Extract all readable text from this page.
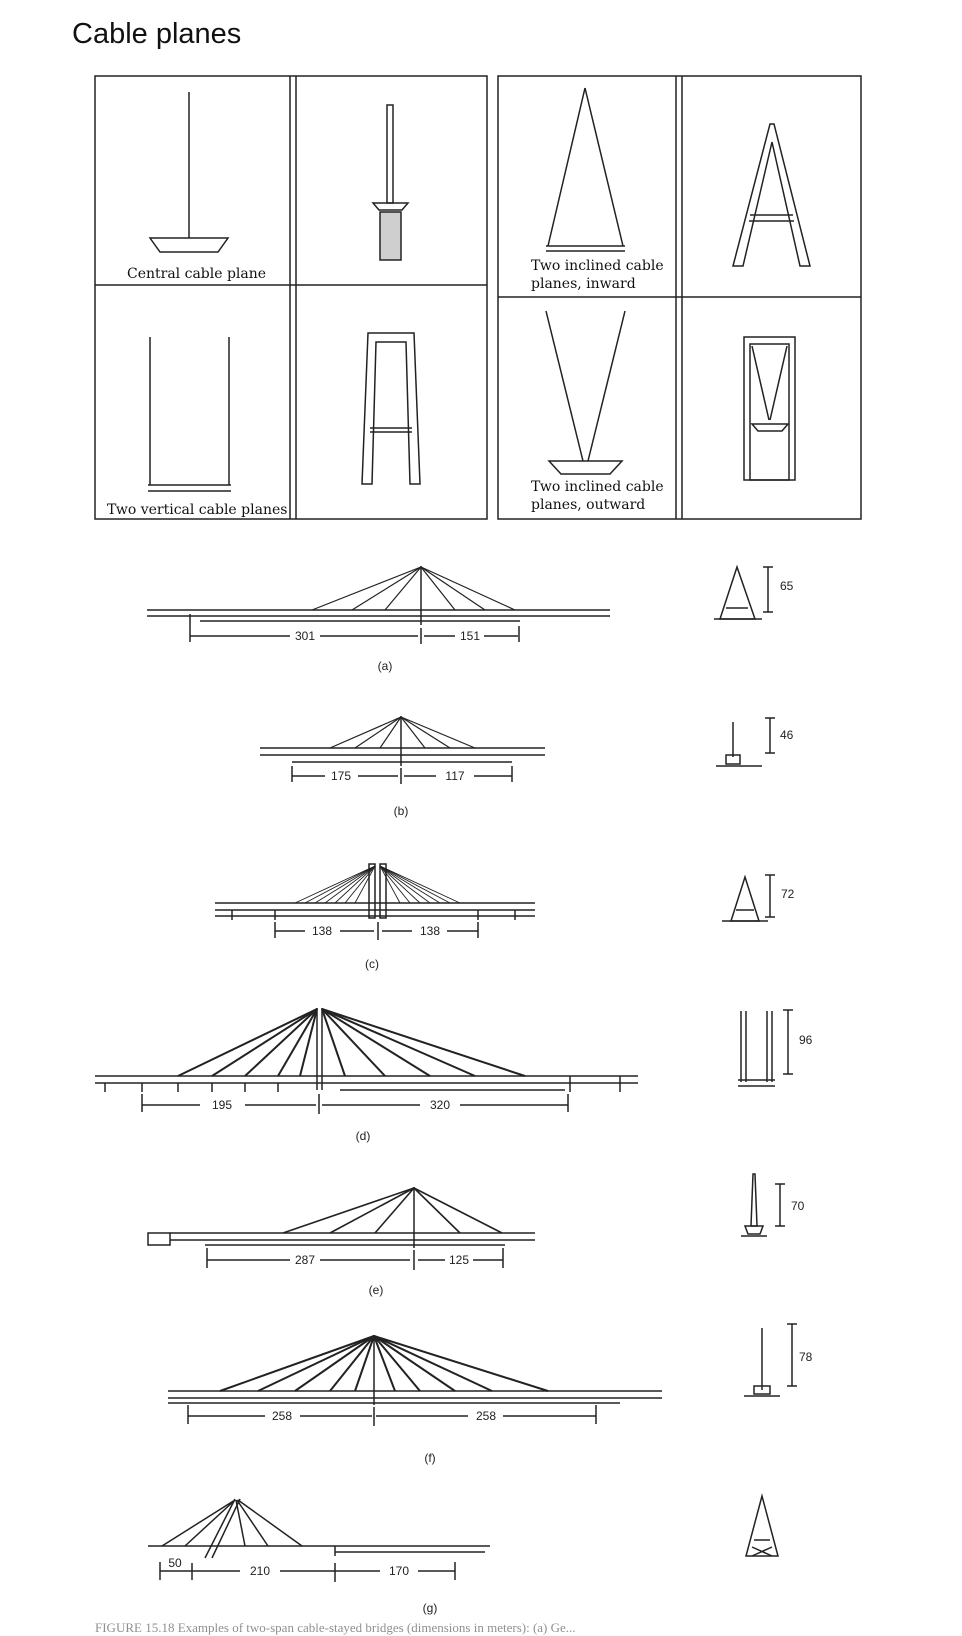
Cable planes
Central cable plane
Two vertical cable planes
Two inclined cable
planes, inward
Two inclined cable
planes, outward
301	151
65
(a)
175	117
46
(b)
138	138
72
(c)
195	320
96
(d)
287	125
70
(e)
258	258
78
(f)
50
210	170
(g)
FIGURE 15.18 Examples of two-span cable-stayed bridges (dimensions in meters): (a) Ge...
